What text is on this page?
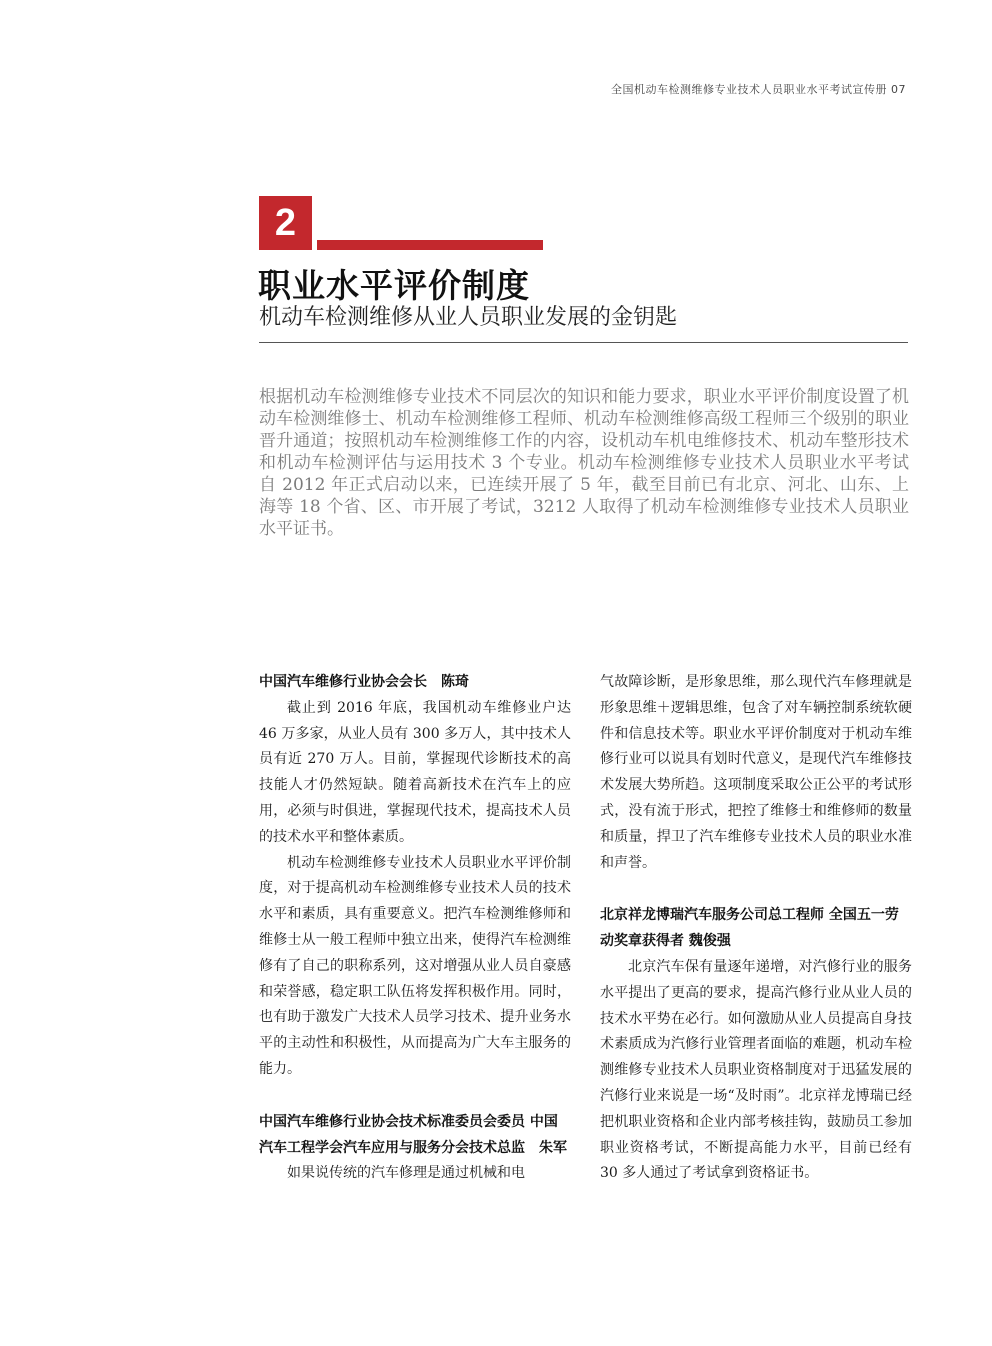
全国机动车检测维修专业技术人员职业水平考试宣传册 07
2
职业水平评价制度
机动车检测维修从业人员职业发展的金钥匙

根据机动车检测维修专业技术不同层次的知识和能力要求，职业水平评价制度设置了机动车检测维修士、机动车检测维修工程师、机动车检测维修高级工程师三个级别的职业晋升通道；按照机动车检测维修工作的内容，设机动车机电维修技术、机动车整形技术和机动车检测评估与运用技术 3 个专业。机动车检测维修专业技术人员职业水平考试自 2012 年正式启动以来，已连续开展了 5 年，截至目前已有北京、河北、山东、上海等 18 个省、区、市开展了考试，3212 人取得了机动车检测维修专业技术人员职业水平证书。

中国汽车维修行业协会会长　陈琦

截止到 2016 年底，我国机动车维修业户达 46 万多家，从业人员有 300 多万人，其中技术人员有近 270 万人。目前，掌握现代诊断技术的高技能人才仍然短缺。随着高新技术在汽车上的应用，必须与时俱进，掌握现代技术，提高技术人员的技术水平和整体素质。

机动车检测维修专业技术人员职业水平评价制度，对于提高机动车检测维修专业技术人员的技术水平和素质，具有重要意义。把汽车检测维修师和维修士从一般工程师中独立出来，使得汽车检测维修有了自己的职称系列，这对增强从业人员自豪感和荣誉感，稳定职工队伍将发挥积极作用。同时，也有助于激发广大技术人员学习技术、提升业务水平的主动性和积极性，从而提高为广大车主服务的能力。

中国汽车维修行业协会技术标准委员会委员 中国汽车工程学会汽车应用与服务分会技术总监　朱军

如果说传统的汽车修理是通过机械和电

气故障诊断，是形象思维，那么现代汽车修理就是形象思维＋逻辑思维，包含了对车辆控制系统软硬件和信息技术等。职业水平评价制度对于机动车维修行业可以说具有划时代意义，是现代汽车维修技术发展大势所趋。这项制度采取公正公平的考试形式，没有流于形式，把控了维修士和维修师的数量和质量，捍卫了汽车维修专业技术人员的职业水准和声誉。

北京祥龙博瑞汽车服务公司总工程师 全国五一劳动奖章获得者 魏俊强

北京汽车保有量逐年递增，对汽修行业的服务水平提出了更高的要求，提高汽修行业从业人员的技术水平势在必行。如何激励从业人员提高自身技术素质成为汽修行业管理者面临的难题，机动车检测维修专业技术人员职业资格制度对于迅猛发展的汽修行业来说是一场“及时雨”。北京祥龙博瑞已经把机职业资格和企业内部考核挂钩，鼓励员工参加职业资格考试，不断提高能力水平，目前已经有 30 多人通过了考试拿到资格证书。
